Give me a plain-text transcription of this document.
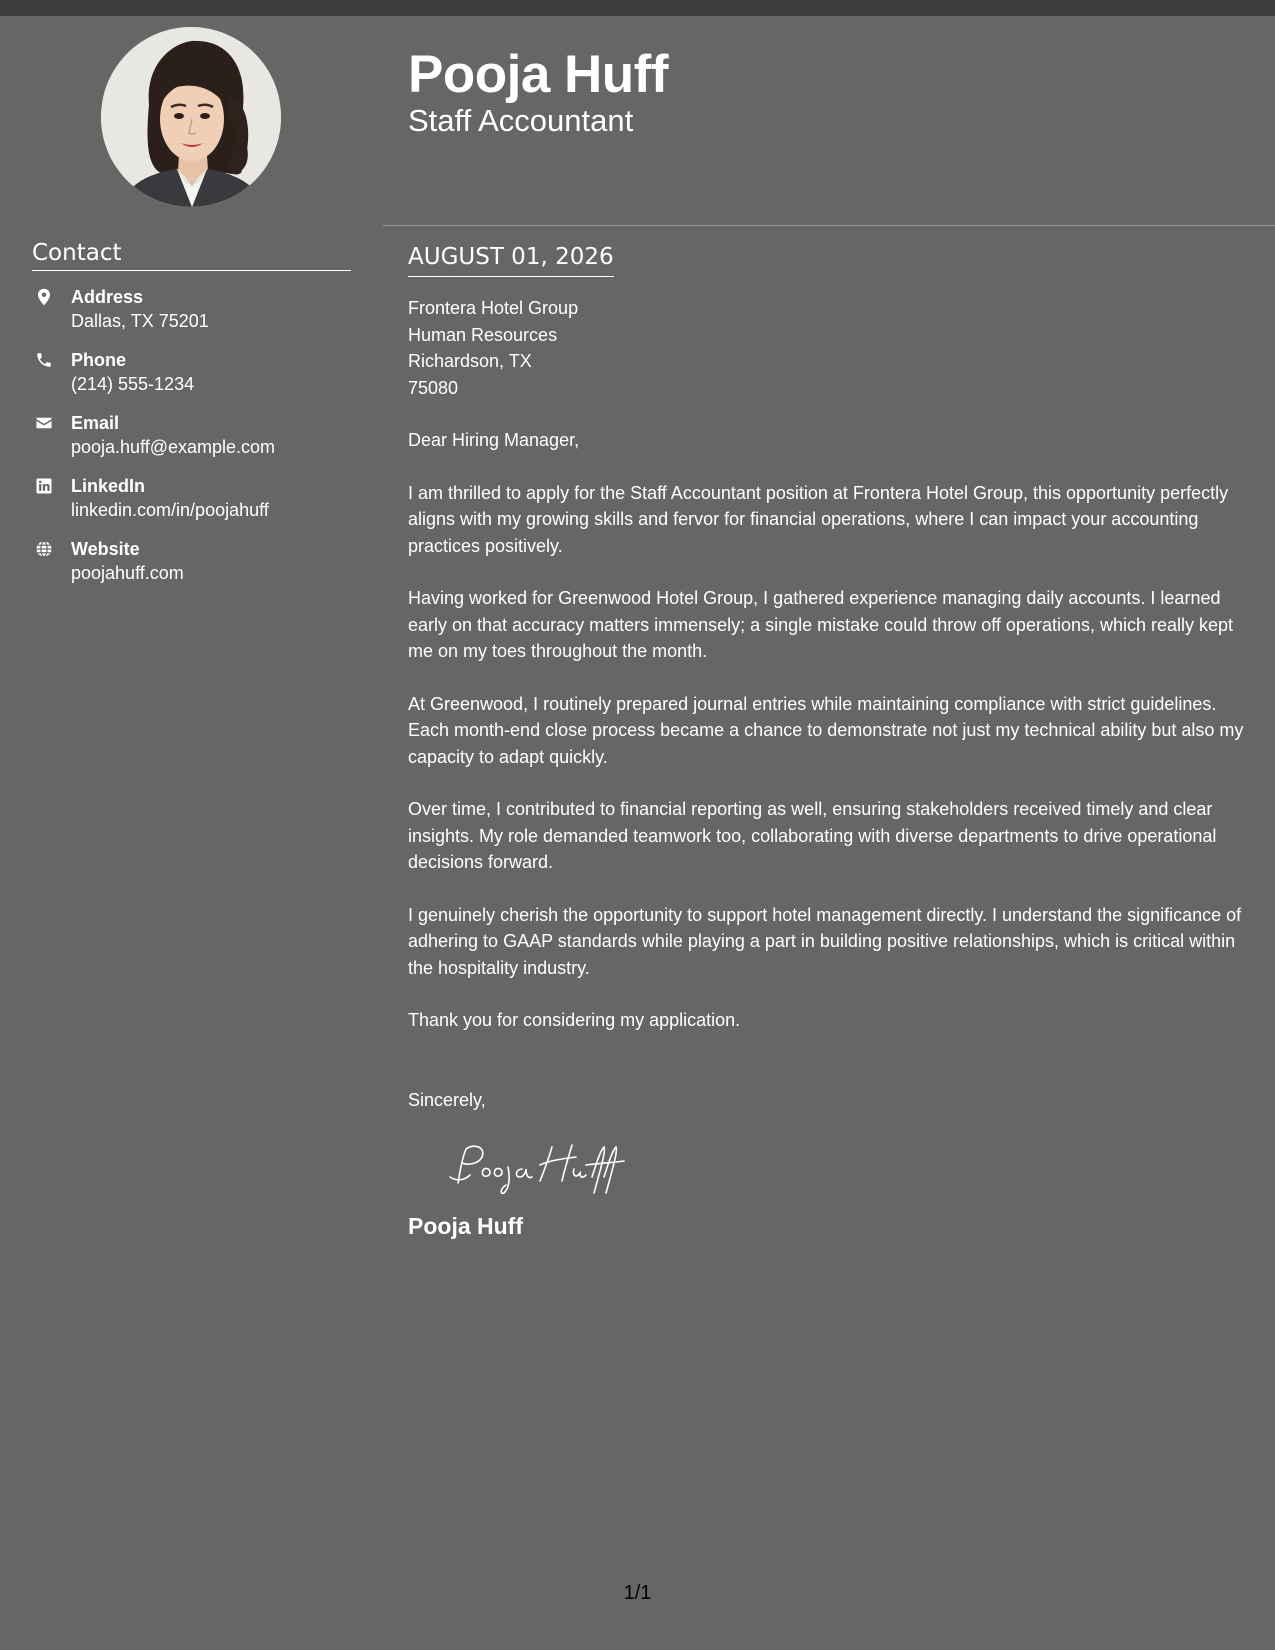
Contact
Address
Dallas, TX 75201
Phone
(214) 555-1234
Email
pooja.huff@example.com
LinkedIn
linkedin.com/in/poojahuff
Website
poojahuff.com
Pooja Huff
Staff Accountant
AUGUST 01, 2026
Frontera Hotel Group
Human Resources
Richardson, TX
75080

Dear Hiring Manager,

I am thrilled to apply for the Staff Accountant position at Frontera Hotel Group, this opportunity perfectly aligns with my growing skills and fervor for financial operations, where I can impact your accounting practices positively.

Having worked for Greenwood Hotel Group, I gathered experience managing daily accounts. I learned early on that accuracy matters immensely; a single mistake could throw off operations, which really kept me on my toes throughout the month.

At Greenwood, I routinely prepared journal entries while maintaining compliance with strict guidelines. Each month-end close process became a chance to demonstrate not just my technical ability but also my capacity to adapt quickly.

Over time, I contributed to financial reporting as well, ensuring stakeholders received timely and clear insights. My role demanded teamwork too, collaborating with diverse departments to drive operational decisions forward.

I genuinely cherish the opportunity to support hotel management directly. I understand the significance of adhering to GAAP standards while playing a part in building positive relationships, which is critical within the hospitality industry.

Thank you for considering my application.

Sincerely,

Pooja Huff
1/1
